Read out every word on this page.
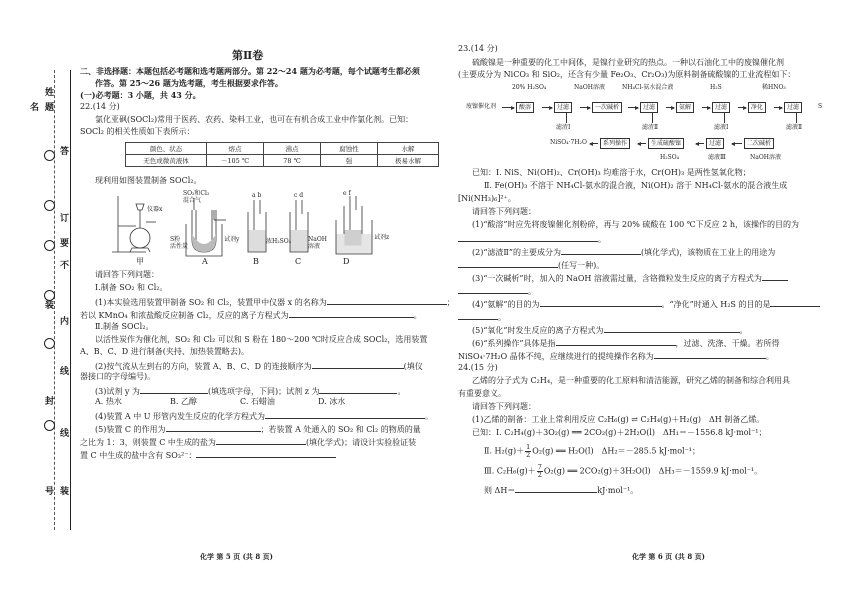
姓
名 题
答
订
要
不
装
内
线
封
线
装
号
第Ⅱ卷
二、非选择题：本题包括必考题和选考题两部分。第 22～24 题为必考题，每个试题考生都必须
作答。第 25～26 题为选考题，考生根据要求作答。
(一)必考题：3 小题，共 43 分。
22.(14 分)
氯化亚砜(SOCl₂)常用于医药、农药、染料工业，也可在有机合成工业中作氯化剂。已知：
SOCl₂ 的相关性质如下表所示：
颜色、状态	熔点	沸点	腐蚀性	水解
无色或微黄液体	－105 ℃	78 ℃	强	极易水解
现利用如图装置制备 SOCl₂。
仪器x
SO₂和Cl₂
混合气
S粉
活性炭
试剂y
a b	c d
浓H₂SO₄
e f
NaOH
溶液
试剂z
甲	A	B	C	D
请回答下列问题：
Ⅰ.制备 SO₂ 和 Cl₂。
(1)本实验选用装置甲制备 SO₂ 和 Cl₂，装置甲中仪器 x 的名称为	；
若以 KMnO₄ 和浓盐酸反应制备 Cl₂，反应的离子方程式为	。
Ⅱ.制备 SOCl₂。
以活性炭作为催化剂，SO₂ 和 Cl₂ 可以和 S 粉在 180～200 ℃时反应合成 SOCl₂，选用装置
A、B、C、D 进行制备(夹持、加热装置略去)。
(2)按气流从左到右的方向，装置 A、B、C、D 的连接顺序为	(填仪
器接口的字母编号)。
(3)试剂 y 为	(填选项字母，下同)；试剂 z 为	。
A. 热水	B. 乙醇	C. 石蜡油	D. 冰水
(4)装置 A 中 U 形管内发生反应的化学方程式为	。
(5)装置 C 的作用为	；若装置 A 处通入的 SO₂ 和 Cl₂ 的物质的量
之比为 1：3，则装置 C 中生成的盐为	(填化学式)；请设计实验验证装
置 C 中生成的盐中含有 SO₃²⁻：
化学 第 5 页 (共 8 页)
23.(14 分)
硫酸镍是一种重要的化工中间体，是镍行业研究的热点。一种以石油化工中的废镍催化剂
(主要成分为 NiCO₃ 和 SiO₂，还含有少量 Fe₂O₃、Cr₂O₃)为原料制备硫酸镍的工业流程如下：
20% H₂SO₄	NaOH溶液	NH₄Cl-氨水混合液	H₂S	稀HNO₃
废镍催化剂	酸溶	过滤	一次碱析	过滤	氨解	过滤	净化	过滤	S
滤渣Ⅰ	滤渣Ⅱ	滤液Ⅰ	滤液Ⅱ
NiSO₄·7H₂O	系列操作	生成硫酸镍	过滤	二次碱析
H₂SO₄	滤液Ⅲ	NaOH溶液
已知：Ⅰ. NiS、Ni(OH)₂、Cr(OH)₃ 均难溶于水，Cr(OH)₃ 是两性氢氧化物；
Ⅱ. Fe(OH)₃ 不溶于 NH₄Cl-氨水的混合液，Ni(OH)₂ 溶于 NH₄Cl-氨水的混合液生成
[Ni(NH₃)₆]²⁺。
请回答下列问题：
(1)“酸溶”时应先将废镍催化剂粉碎，再与 20% 硫酸在 100 ℃下反应 2 h，该操作的目的为
。
(2)“滤渣Ⅱ”的主要成分为	(填化学式)，该物质在工业上的用途为
(任写一种)。
(3)“一次碱析”时，加入的 NaOH 溶液需过量，含铬微粒发生反应的离子方程式为
。
(4)“氨解”的目的为	。“净化”时通入 H₂S 的目的是
。
(5)“氧化”时发生反应的离子方程式为	。
(6)“系列操作”具体是指	，过滤、洗涤、干燥。若所得
NiSO₄·7H₂O 晶体不纯，应继续进行的提纯操作名称为	。
24.(15 分)
乙烯的分子式为 C₂H₄，是一种重要的化工原料和清洁能源，研究乙烯的制备和综合利用具
有重要意义。
请回答下列问题：
(1)乙烯的制备：工业上常利用反应 C₂H₆(g) ⇌ C₂H₄(g)＋H₂(g)　ΔH 制备乙烯。
已知：Ⅰ. C₂H₄(g)＋3O₂(g) ══ 2CO₂(g)＋2H₂O(l)　ΔH₁＝－1556.8 kJ·mol⁻¹；
Ⅱ. $H_2(g)+ \frac{1}{2} O_2(g)$ ══ H₂O(l)　ΔH₂＝－285.5 kJ·mol⁻¹；
Ⅲ. $C_2H_6(g)+ \frac{7}{2} O_2(g)$ ══ 2CO₂(g)＋3H₂O(l)　ΔH₃＝－1559.9 kJ·mol⁻¹。
则 ΔH＝	kJ·mol⁻¹。
化学 第 6 页 (共 8 页)
